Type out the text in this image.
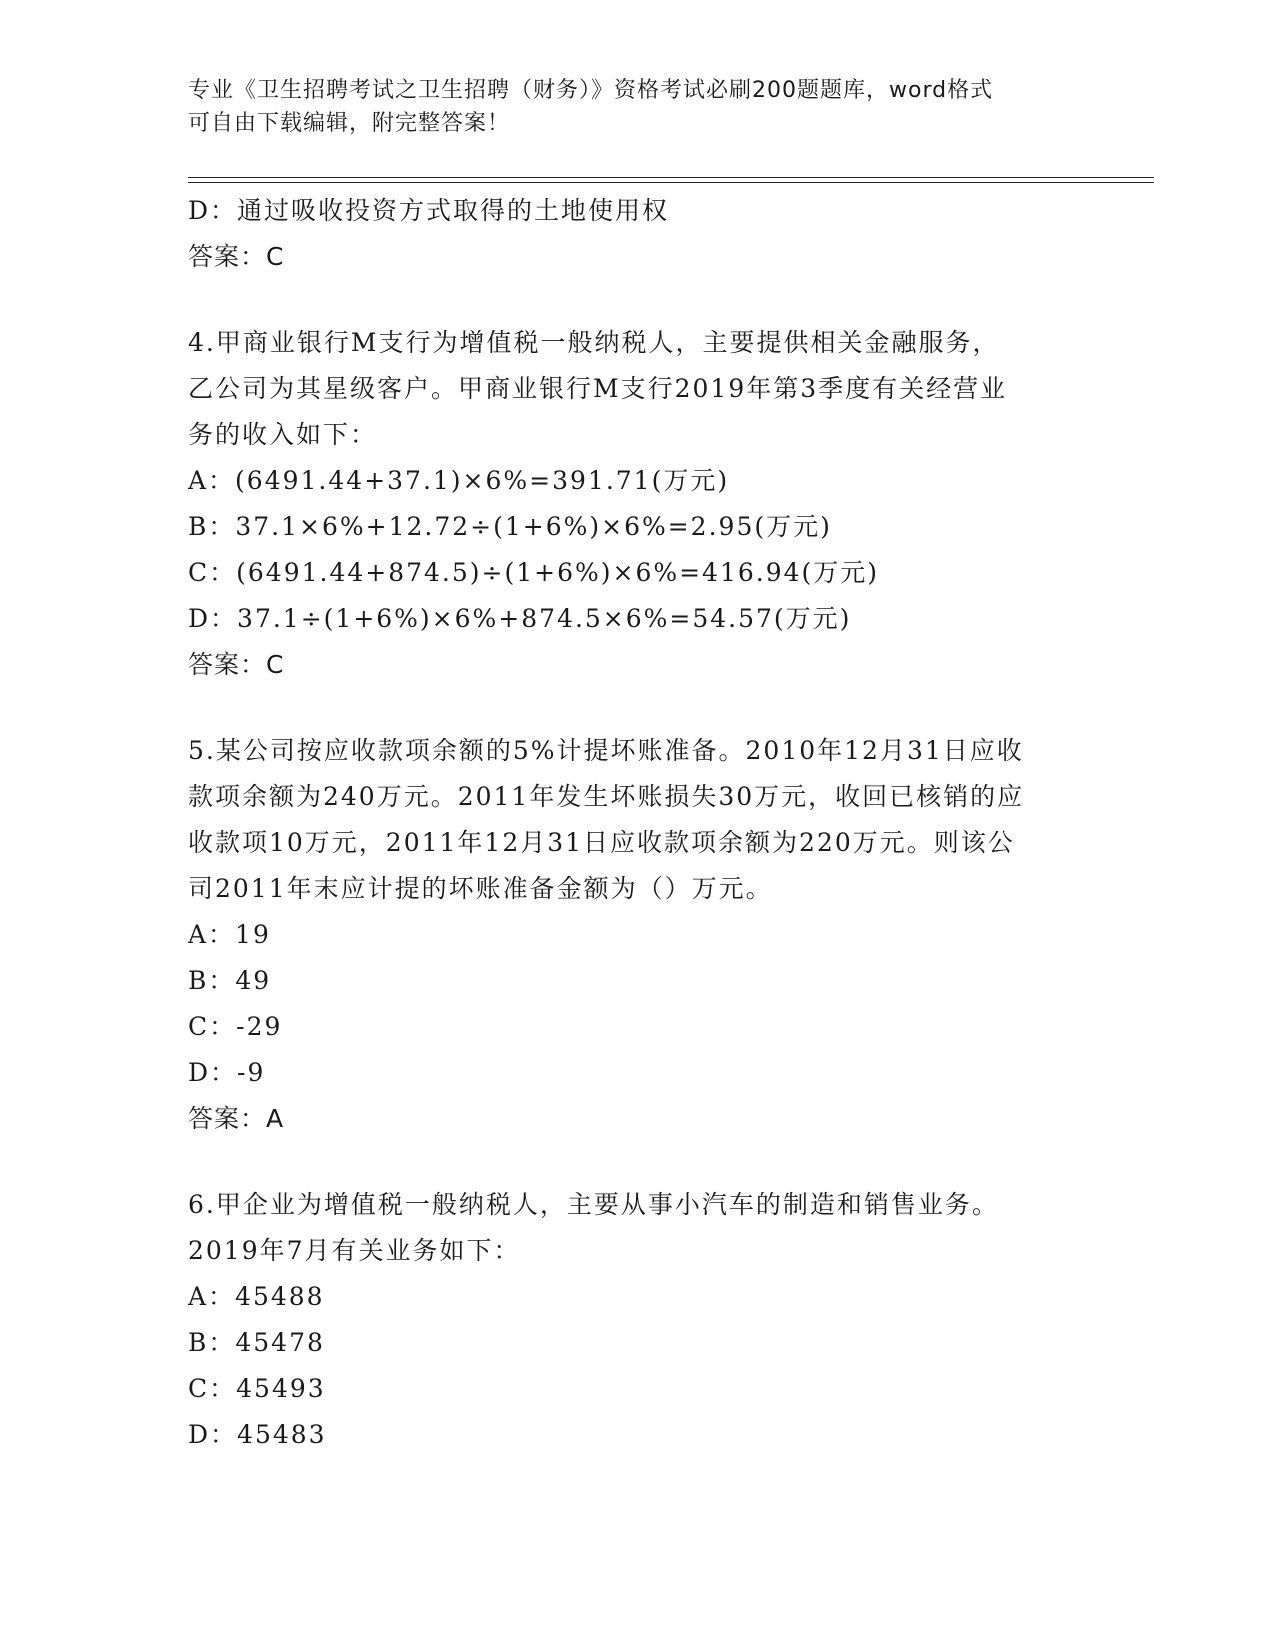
专业《卫生招聘考试之卫生招聘（财务）》资格考试必刷200题题库，word格式
可自由下载编辑，附完整答案！
D：通过吸收投资方式取得的土地使用权
答案：C
4.甲商业银行M支行为增值税一般纳税人，主要提供相关金融服务，
乙公司为其星级客户。甲商业银行M支行2019年第3季度有关经营业
务的收入如下：
A：(6491.44+37.1)×6%=391.71(万元)
B：37.1×6%+12.72÷(1+6%)×6%=2.95(万元)
C：(6491.44+874.5)÷(1+6%)×6%=416.94(万元)
D：37.1÷(1+6%)×6%+874.5×6%=54.57(万元)
答案：C
5.某公司按应收款项余额的5%计提坏账准备。2010年12月31日应收
款项余额为240万元。2011年发生坏账损失30万元，收回已核销的应
收款项10万元，2011年12月31日应收款项余额为220万元。则该公
司2011年末应计提的坏账准备金额为（）万元。
A：19
B：49
C：-29
D：-9
答案：A
6.甲企业为增值税一般纳税人，主要从事小汽车的制造和销售业务。
2019年7月有关业务如下：
A：45488
B：45478
C：45493
D：45483
